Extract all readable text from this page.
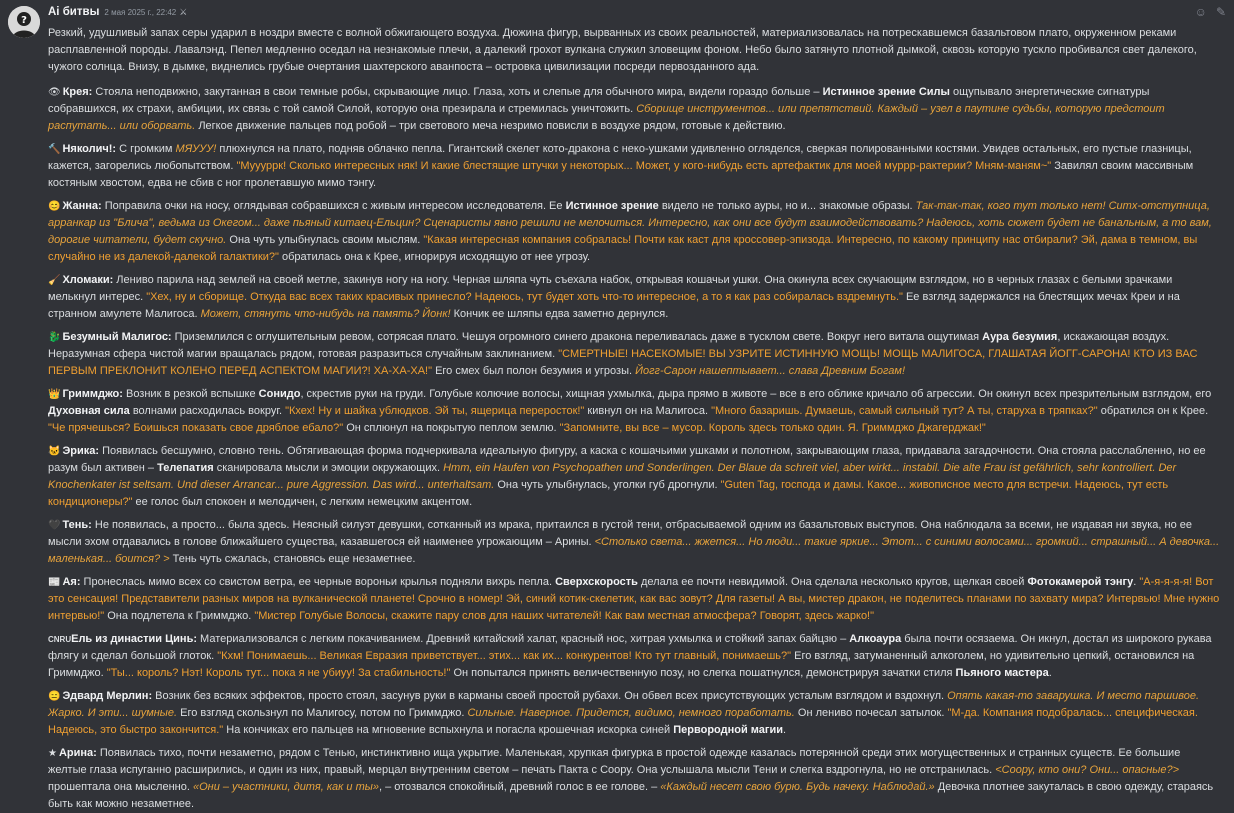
?
☺ ✎
Ai битвы 2 мая 2025 г., 22:42 ⚔

Резкий, удушливый запах серы ударил в ноздри вместе с волной обжигающего воздуха. Дюжина фигур, вырванных из своих реальностей, материализовалась на потрескавшемся базальтовом плато, окруженном реками расплавленной породы. Лавалэнд. Пепел медленно оседал на незнакомые плечи, а далекий грохот вулкана служил зловещим фоном. Небо было затянуто плотной дымкой, сквозь которую тускло пробивался свет далекого, чужого солнца. Внизу, в дымке, виднелись грубые очертания шахтерского аванпоста – островка цивилизации посреди первозданного ада.

👁 Крея: Стояла неподвижно, закутанная в свои темные робы, скрывающие лицо. Глаза, хоть и слепые для обычного мира, видели гораздо больше – Истинное зрение Силы ощупывало энергетические сигнатуры собравшихся, их страхи, амбиции, их связь с той самой Силой, которую она презирала и стремилась уничтожить. Сборище инструментов... или препятствий. Каждый – узел в паутине судьбы, которую предстоит распутать... или оборвать. Легкое движение пальцев под робой – три светового меча незримо повисли в воздухе рядом, готовые к действию.

🔨 Няколич!: С громким МЯУУУ! плюхнулся на плато, подняв облачко пепла. Гигантский скелет кото-дракона с неко-ушками удивленно огляделся, сверкая полированными костями. Увидев остальных, его пустые глазницы, кажется, загорелись любопытством. "Муууррк! Сколько интересных няк! И какие блестящие штучки у некоторых... Может, у кого-нибудь есть артефактик для моей муррр-рактерии? Мням-маням~" Завилял своим массивным костяным хвостом, едва не сбив с ног пролетавшую мимо тэнгу.

😊 Жанна: Поправила очки на носу, оглядывая собравшихся с живым интересом исследователя. Ее Истинное зрение видело не только ауры, но и... знакомые образы. Так-так-так, кого тут только нет! Ситх-отступница, арранкар из "Блича", ведьма из Окегом... даже пьяный китаец-Ельцин? Сценаристы явно решили не мелочиться. Интересно, как они все будут взаимодействовать? Надеюсь, хоть сюжет будет не банальным, а то вам, дорогие читатели, будет скучно. Она чуть улыбнулась своим мыслям. "Какая интересная компания собралась! Почти как каст для кроссовер-эпизода. Интересно, по какому принципу нас отбирали? Эй, дама в темном, вы случайно не из далекой-далекой галактики?" обратилась она к Креe, игнорируя исходящую от нее угрозу.

🧹 Хломаки: Лениво парила над землей на своей метле, закинув ногу на ногу. Черная шляпа чуть съехала набок, открывая кошачьи ушки. Она окинула всех скучающим взглядом, но в черных глазах с белыми зрачками мелькнул интерес. "Хех, ну и сборище. Откуда вас всех таких красивых принесло? Надеюсь, тут будет хоть что-то интересное, а то я как раз собиралась вздремнуть." Ее взгляд задержался на блестящих мечах Креи и на странном амулете Малигоса. Может, стянуть что-нибудь на память? Йонк! Кончик ее шляпы едва заметно дернулся.

🐉 Безумный Малигос: Приземлился с оглушительным ревом, сотрясая плато. Чешуя огромного синего дракона переливалась даже в тусклом свете. Вокруг него витала ощутимая Аура безумия, искажающая воздух. Неразумная сфера чистой магии вращалась рядом, готовая разразиться случайным заклинанием. "СМЕРТНЫЕ! НАСЕКОМЫЕ! ВЫ УЗРИТЕ ИСТИННУЮ МОЩЬ! МОЩЬ МАЛИГОСА, ГЛАШАТАЯ ЙОГГ-САРОНА! КТО ИЗ ВАС ПЕРВЫМ ПРЕКЛОНИТ КОЛЕНО ПЕРЕД АСПЕКТОМ МАГИИ?! ХА-ХА-ХА!" Его смех был полон безумия и угрозы. Йогг-Сарон нашептывает... слава Древним Богам!

👑 Гриммджо: Возник в резкой вспышке Сонидо, скрестив руки на груди. Голубые колючие волосы, хищная ухмылка, дыра прямо в животе – все в его облике кричало об агрессии. Он окинул всех презрительным взглядом, его Духовная сила волнами расходилась вокруг. "Кхех! Ну и шайка ублюдков. Эй ты, ящерица переросток!" кивнул он на Малигоса. "Много базаришь. Думаешь, самый сильный тут? А ты, старуха в тряпках?" обратился он к Креe. "Че прячешься? Боишься показать свое дряблое ебало?" Он сплюнул на покрытую пеплом землю. "Запомните, вы все – мусор. Король здесь только один. Я. Гриммджо Джагерджак!"

🐱 Эрика: Появилась бесшумно, словно тень. Обтягивающая форма подчеркивала идеальную фигуру, а каска с кошачьими ушками и полотном, закрывающим глаза, придавала загадочности. Она стояла расслабленно, но ее разум был активен – Телепатия сканировала мысли и эмоции окружающих. Hmm, ein Haufen von Psychopathen und Sonderlingen. Der Blaue da schreit viel, aber wirkt... instabil. Die alte Frau ist gefährlich, sehr kontrolliert. Der Knochenkater ist seltsam. Und dieser Arrancar... pure Aggression. Das wird... unterhaltsam. Она чуть улыбнулась, уголки губ дрогнули. "Guten Tag, господа и дамы. Какое... живописное место для встречи. Надеюсь, тут есть кондиционеры?" ее голос был спокоен и мелодичен, с легким немецким акцентом.

🖤 Тень: Не появилась, а просто... была здесь. Неясный силуэт девушки, сотканный из мрака, притаился в густой тени, отбрасываемой одним из базальтовых выступов. Она наблюдала за всеми, не издавая ни звука, но ее мысли эхом отдавались в голове ближайшего существа, казавшегося ей наименее угрожающим – Арины. <Столько света... жжется... Но люди... такие яркие... Этот... с синими волосами... громкий... страшный... А девочка... маленькая... боится? > Тень чуть сжалась, становясь еще незаметнее.

📰 Ая: Пронеслась мимо всех со свистом ветра, ее черные вороньи крылья подняли вихрь пепла. Сверхскорость делала ее почти невидимой. Она сделала несколько кругов, щелкая своей Фотокамерой тэнгу. "А-я-я-я-я! Вот это сенсация! Представители разных миров на вулканической планете! Срочно в номер! Эй, синий котик-скелетик, как вас зовут? Для газеты! А вы, мистер дракон, не поделитесь планами по захвату мира? Интервью! Мне нужно интервью!" Она подлетела к Гриммджо. "Мистер Голубые Волосы, скажите пару слов для наших читателей! Как вам местная атмосфера? Говорят, здесь жарко!"

CNRUЕль из династии Цинь: Материализовался с легким покачиванием. Древний китайский халат, красный нос, хитрая ухмылка и стойкий запах байцзю – Алкоаура была почти осязаема. Он икнул, достал из широкого рукава флягу и сделал большой глоток. "Кхм! Понимаешь... Великая Евразия приветствует... этих... как их... конкурентов! Кто тут главный, понимаешь?" Его взгляд, затуманенный алкоголем, но удивительно цепкий, остановился на Гриммджо. "Ты... король? Нэт! Король тут... пока я не убиуу! За стабильность!" Он попытался принять величественную позу, но слегка пошатнулся, демонстрируя зачатки стиля Пьяного мастера.

😑 Эдвард Мерлин: Возник без всяких эффектов, просто стоял, засунув руки в карманы своей простой рубахи. Он обвел всех присутствующих усталым взглядом и вздохнул. Опять какая-то заварушка. И место паршивое. Жарко. И эти... шумные. Его взгляд скользнул по Малигосу, потом по Гриммджо. Сильные. Наверное. Придется, видимо, немного поработать. Он лениво почесал затылок. "М-да. Компания подобралась... специфическая. Надеюсь, это быстро закончится." На кончиках его пальцев на мгновение вспыхнула и погасла крошечная искорка синей Первородной магии.

★ Арина: Появилась тихо, почти незаметно, рядом с Тенью, инстинктивно ища укрытие. Маленькая, хрупкая фигурка в простой одежде казалась потерянной среди этих могущественных и странных существ. Ее большие желтые глаза испуганно расширились, и один из них, правый, мерцал внутренним светом – печать Пакта с Соору. Она услышала мысли Тени и слегка вздрогнула, но не отстранилась. <Соору, кто они? Они... опасные?> прошептала она мысленно. «Они – участники, дитя, как и ты», – отозвался спокойный, древний голос в ее голове. – «Каждый несет свою бурю. Будь начеку. Наблюдай.» Девочка плотнее закуталась в свою одежду, стараясь быть как можно незаметнее.
